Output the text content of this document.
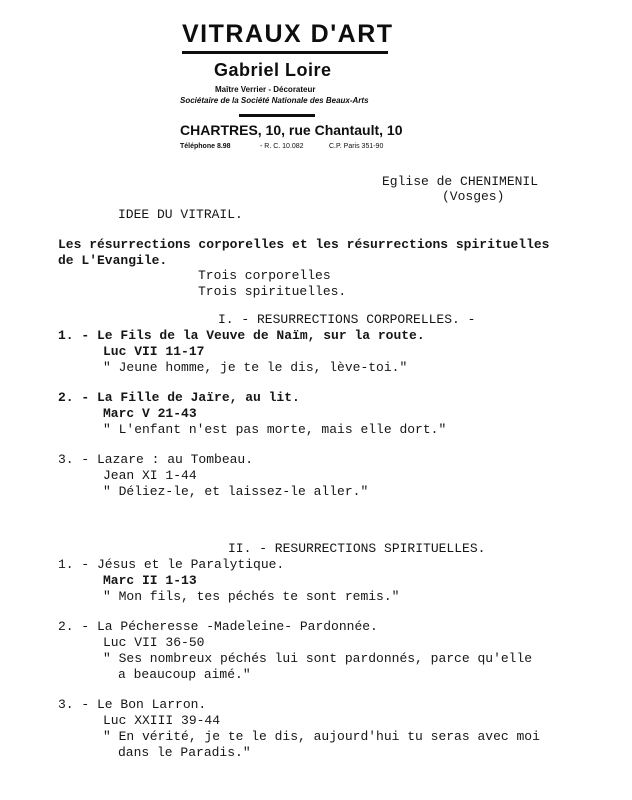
VITRAUX D'ART
Gabriel Loire
Maître Verrier - Décorateur
Sociétaire de la Société Nationale des Beaux-Arts
CHARTRES, 10, rue Chantault, 10
Téléphone 8.98	- R. C. 10.082	C.P. Paris 351-90
Eglise de CHENIMENIL
(Vosges)
IDEE DU VITRAIL.
Les résurrections corporelles et les résurrections spirituelles
de L'Evangile.
Trois corporelles
Trois spirituelles.
I. - RESURRECTIONS CORPORELLES. -
1. - Le Fils de la Veuve de Naïm, sur la route.
Luc VII 11-17
" Jeune homme, je te le dis, lève-toi."
2. - La Fille de Jaïre, au lit.
Marc V 21-43
" L'enfant n'est pas morte, mais elle dort."
3. - Lazare : au Tombeau.
Jean XI 1-44
" Déliez-le, et laissez-le aller."
II. - RESURRECTIONS SPIRITUELLES.
1. - Jésus et le Paralytique.
Marc II 1-13
" Mon fils, tes péchés te sont remis."
2. - La Pécheresse -Madeleine- Pardonnée.
Luc VII 36-50
" Ses nombreux péchés lui sont pardonnés, parce qu'elle
a beaucoup aimé."
3. - Le Bon Larron.
Luc XXIII 39-44
" En vérité, je te le dis, aujourd'hui tu seras avec moi
dans le Paradis."
